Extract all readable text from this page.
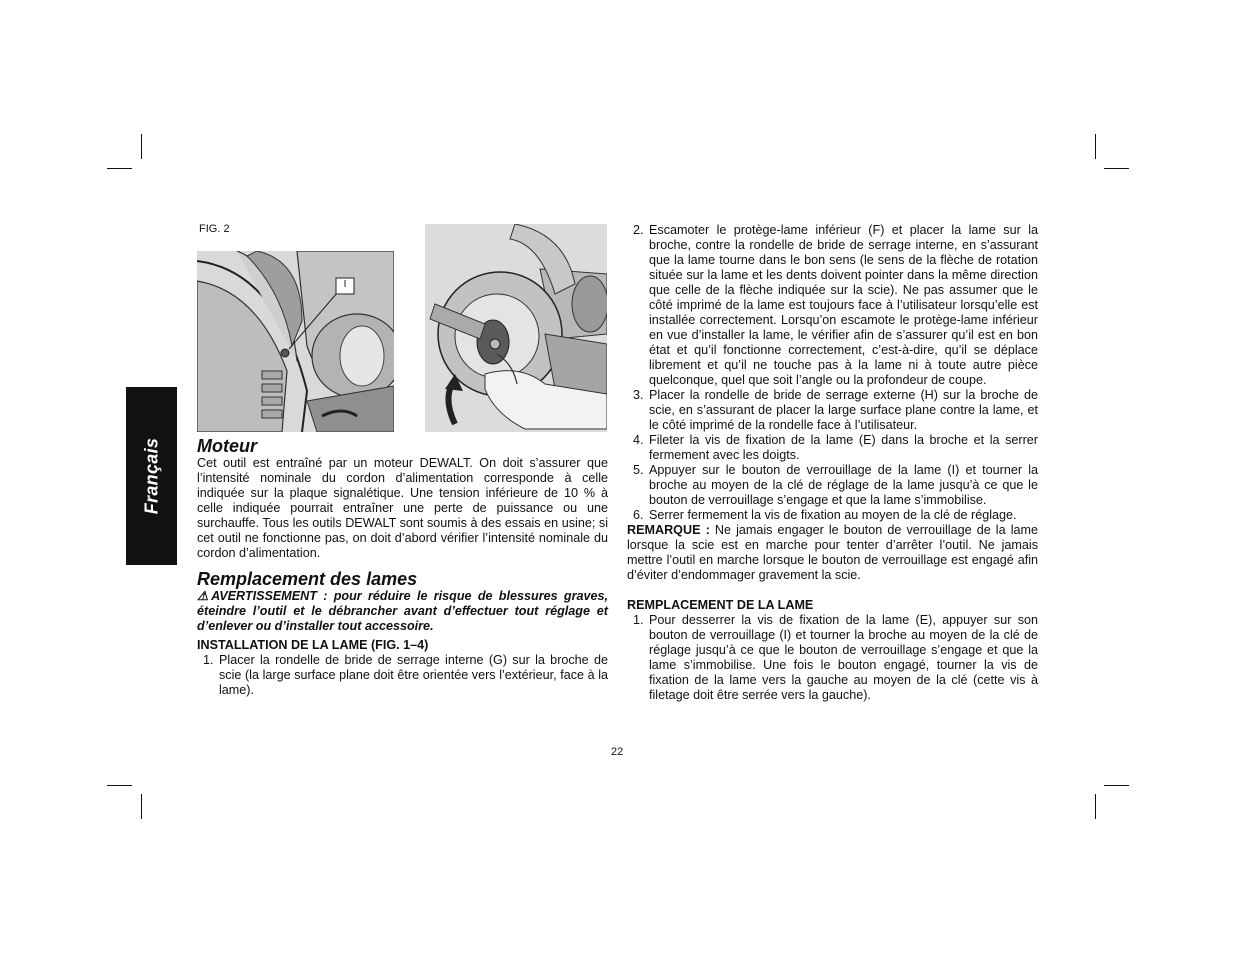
Français
FIG. 2
I
Moteur

Cet outil est entraîné par un moteur DEWALT. On doit s’assurer que l’intensité nominale du cordon d’alimentation corresponde à celle indiquée sur la plaque signalétique. Une tension inférieure de 10 % à celle indiquée pourrait entraîner une perte de puissance ou une surchauffe. Tous les outils DEWALT sont soumis à des essais en usine; si cet outil ne fonctionne pas, on doit d’abord vérifier l’intensité nominale du cordon d’alimentation.

Remplacement des lames
⚠AVERTISSEMENT : pour réduire le risque de blessures graves, éteindre l’outil et le débrancher avant d’effectuer tout réglage et d’enlever ou d’installer tout accessoire.
INSTALLATION DE LA LAME (FIG. 1–4)
1. Placer la rondelle de bride de serrage interne (G) sur la broche de scie (la large surface plane doit être orientée vers l’extérieur, face à la lame).
2. Escamoter le protège-lame inférieur (F) et placer la lame sur la broche, contre la rondelle de bride de serrage interne, en s’assurant que la lame tourne dans le bon sens (le sens de la flèche de rotation située sur la lame et les dents doivent pointer dans la même direction que celle de la flèche indiquée sur la scie). Ne pas assumer que le côté imprimé de la lame est toujours face à l’utilisateur lorsqu’elle est installée correctement. Lorsqu’on escamote le protège-lame inférieur en vue d’installer la lame, le vérifier afin de s’assurer qu’il est en bon état et qu’il fonctionne correctement, c’est-à-dire, qu’il se déplace librement et qu’il ne touche pas à la lame ni à toute autre pièce quelconque, quel que soit l’angle ou la profondeur de coupe.
3. Placer la rondelle de bride de serrage externe (H) sur la broche de scie, en s’assurant de placer la large surface plane contre la lame, et le côté imprimé de la rondelle face à l’utilisateur.
4. Fileter la vis de fixation de la lame (E) dans la broche et la serrer fermement avec les doigts.
5. Appuyer sur le bouton de verrouillage de la lame (I) et tourner la broche au moyen de la clé de réglage de la lame jusqu’à ce que le bouton de verrouillage s’engage et que la lame s’immobilise.
6. Serrer fermement la vis de fixation au moyen de la clé de réglage.

REMARQUE : Ne jamais engager le bouton de verrouillage de la lame lorsque la scie est en marche pour tenter d’arrêter l’outil. Ne jamais mettre l’outil en marche lorsque le bouton de verrouillage est engagé afin d’éviter d’endommager gravement la scie.

REMPLACEMENT DE LA LAME
1. Pour desserrer la vis de fixation de la lame (E), appuyer sur son bouton de verrouillage (I) et tourner la broche au moyen de la clé de réglage jusqu’à ce que le bouton de verrouillage s’engage et que la lame s’immobilise. Une fois le bouton engagé, tourner la vis de fixation de la lame vers la gauche au moyen de la clé (cette vis à filetage doit être serrée vers la gauche).
22
